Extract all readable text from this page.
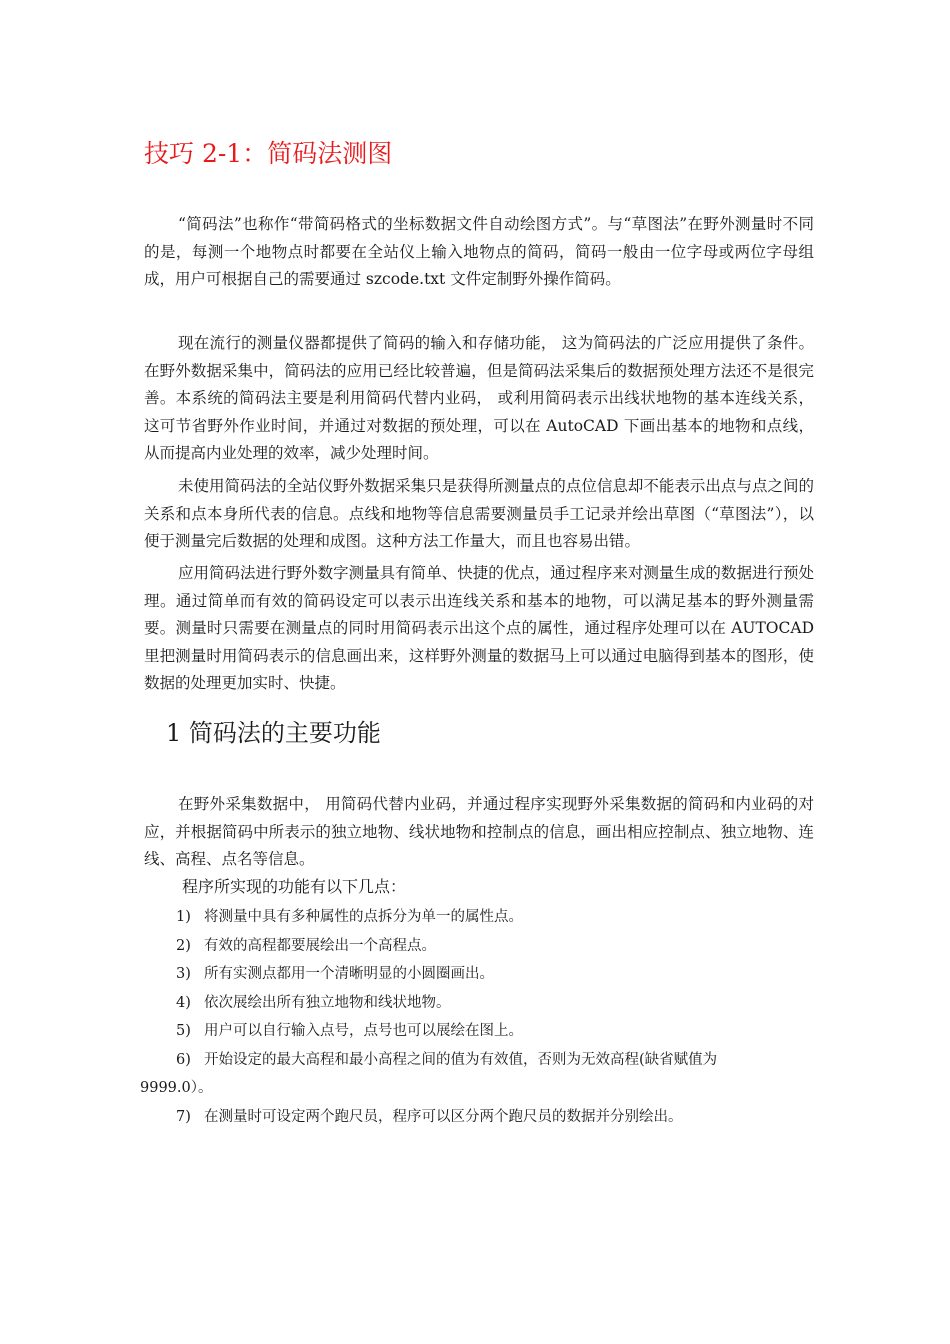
技巧 2-1：简码法测图

“简码法”也称作“带简码格式的坐标数据文件自动绘图方式”。与“草图法”在野外测量时不同的是，每测一个地物点时都要在全站仪上输入地物点的简码，简码一般由一位字母或两位字母组成，用户可根据自己的需要通过 szcode.txt 文件定制野外操作简码。

现在流行的测量仪器都提供了简码的输入和存储功能， 这为简码法的广泛应用提供了条件。在野外数据采集中，简码法的应用已经比较普遍，但是简码法采集后的数据预处理方法还不是很完善。本系统的简码法主要是利用简码代替内业码， 或利用简码表示出线状地物的基本连线关系，这可节省野外作业时间，并通过对数据的预处理，可以在 AutoCAD 下画出基本的地物和点线，从而提高内业处理的效率，减少处理时间。

未使用简码法的全站仪野外数据采集只是获得所测量点的点位信息却不能表示出点与点之间的关系和点本身所代表的信息。点线和地物等信息需要测量员手工记录并绘出草图（“草图法”），以便于测量完后数据的处理和成图。这种方法工作量大，而且也容易出错。

应用简码法进行野外数字测量具有简单、快捷的优点，通过程序来对测量生成的数据进行预处理。通过简单而有效的简码设定可以表示出连线关系和基本的地物，可以满足基本的野外测量需要。测量时只需要在测量点的同时用简码表示出这个点的属性，通过程序处理可以在 AUTOCAD 里把测量时用简码表示的信息画出来，这样野外测量的数据马上可以通过电脑得到基本的图形，使数据的处理更加实时、快捷。

1 简码法的主要功能

在野外采集数据中， 用简码代替内业码，并通过程序实现野外采集数据的简码和内业码的对应，并根据简码中所表示的独立地物、线状地物和控制点的信息，画出相应控制点、独立地物、连线、高程、点名等信息。

程序所实现的功能有以下几点：

1) 将测量中具有多种属性的点拆分为单一的属性点。
2) 有效的高程都要展绘出一个高程点。
3) 所有实测点都用一个清晰明显的小圆圈画出。
4) 依次展绘出所有独立地物和线状地物。
5) 用户可以自行输入点号，点号也可以展绘在图上。
6) 开始设定的最大高程和最小高程之间的值为有效值，否则为无效高程(缺省赋值为
9999.0）。
7) 在测量时可设定两个跑尺员，程序可以区分两个跑尺员的数据并分别绘出。
